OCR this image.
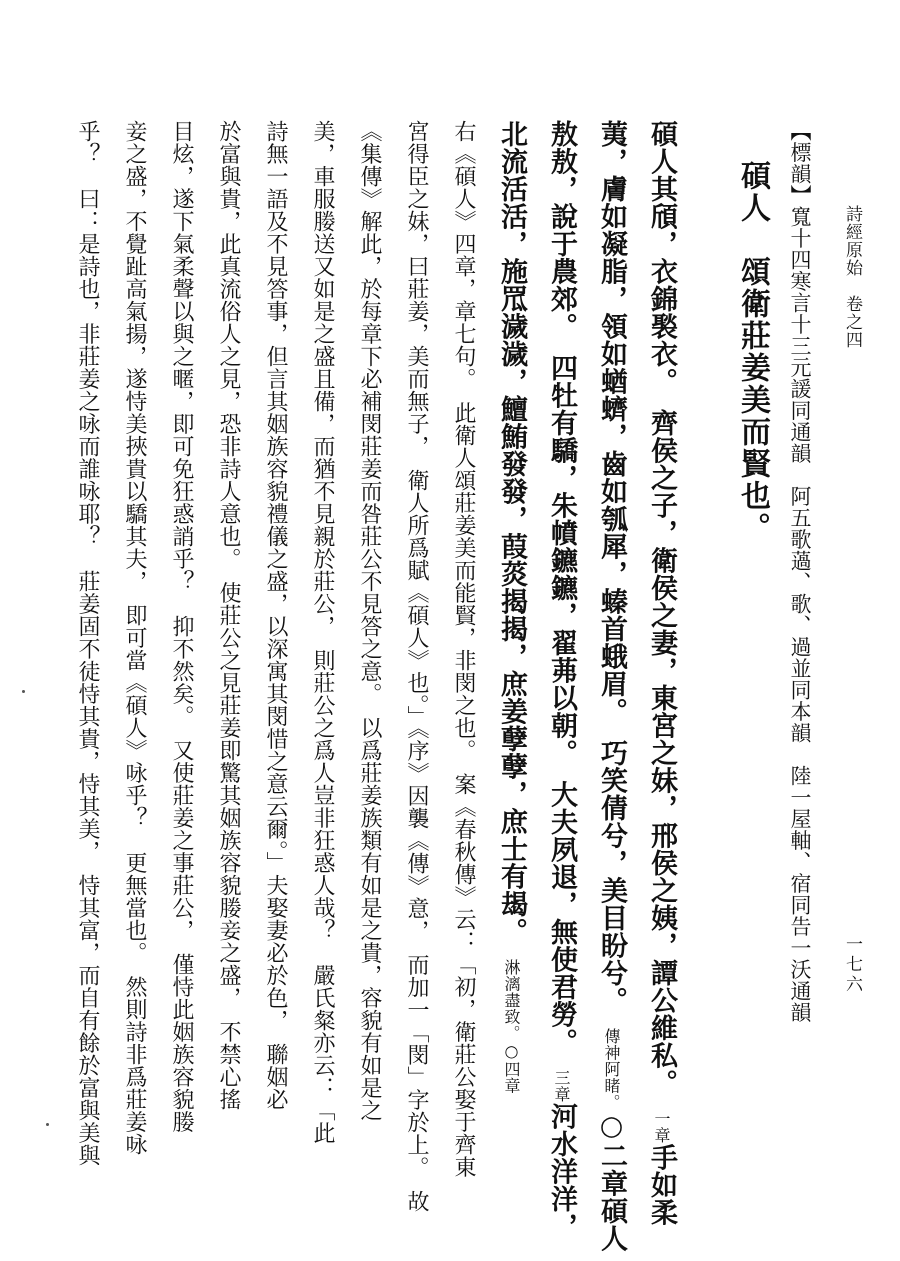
詩經原始　卷之四
一七六
【標韻】寬十四寒言十三元諼同通韻　阿五歌薖、歌、過並同本韻　陸一屋軸、宿同告一沃通韻
碩人　頌衛莊姜美而賢也。
碩人其頎，衣錦褧衣。　齊侯之子，衛侯之妻，東宮之妹，邢侯之姨，譚公維私。　一章手如柔
荑，膚如凝脂，領如蝤蠐，齒如瓠犀，螓首蛾眉。　巧笑倩兮，美目盼兮。　傳神阿睹。○二章碩人
敖敖，說于農郊。　四牡有驕，朱幩鑣鑣，翟茀以朝。　大夫夙退，無使君勞。　三章河水洋洋，
北流活活，施罛濊濊，鱣鮪發發，葭菼揭揭，庶姜孽孽，庶士有朅。　淋漓盡致。○四章
右《碩人》四章，章七句。　此衛人頌莊姜美而能賢，非閔之也。　案《春秋傳》云：「初，衛莊公娶于齊東
宮得臣之妹，曰莊姜，美而無子，　衛人所爲賦《碩人》也。」《序》因襲《傳》意，　而加一「閔」字於上。　故
《集傳》解此，於每章下必補閔莊姜而咎莊公不見答之意。　以爲莊姜族類有如是之貴，容貌有如是之
美，車服媵送又如是之盛且備，而猶不見親於莊公，　則莊公之爲人豈非狂惑人哉？　嚴氏粲亦云：「此
詩無一語及不見答事，但言其姻族容貌禮儀之盛，以深寓其閔惜之意云爾。」夫娶妻必於色，　聯姻必
於富與貴，此真流俗人之見，恐非詩人意也。　使莊公之見莊姜即驚其姻族容貌媵妾之盛，　不禁心搖
目炫，遂下氣柔聲以與之暱，即可免狂惑誚乎？　抑不然矣。　又使莊姜之事莊公，　僅恃此姻族容貌媵
妾之盛，不覺趾高氣揚，遂恃美挾貴以驕其夫，　即可當《碩人》咏乎？　更無當也。　然則詩非爲莊姜咏
乎？　曰：是詩也，非莊姜之咏而誰咏耶？　莊姜固不徒恃其貴，恃其美，　恃其富，而自有餘於富與美與
